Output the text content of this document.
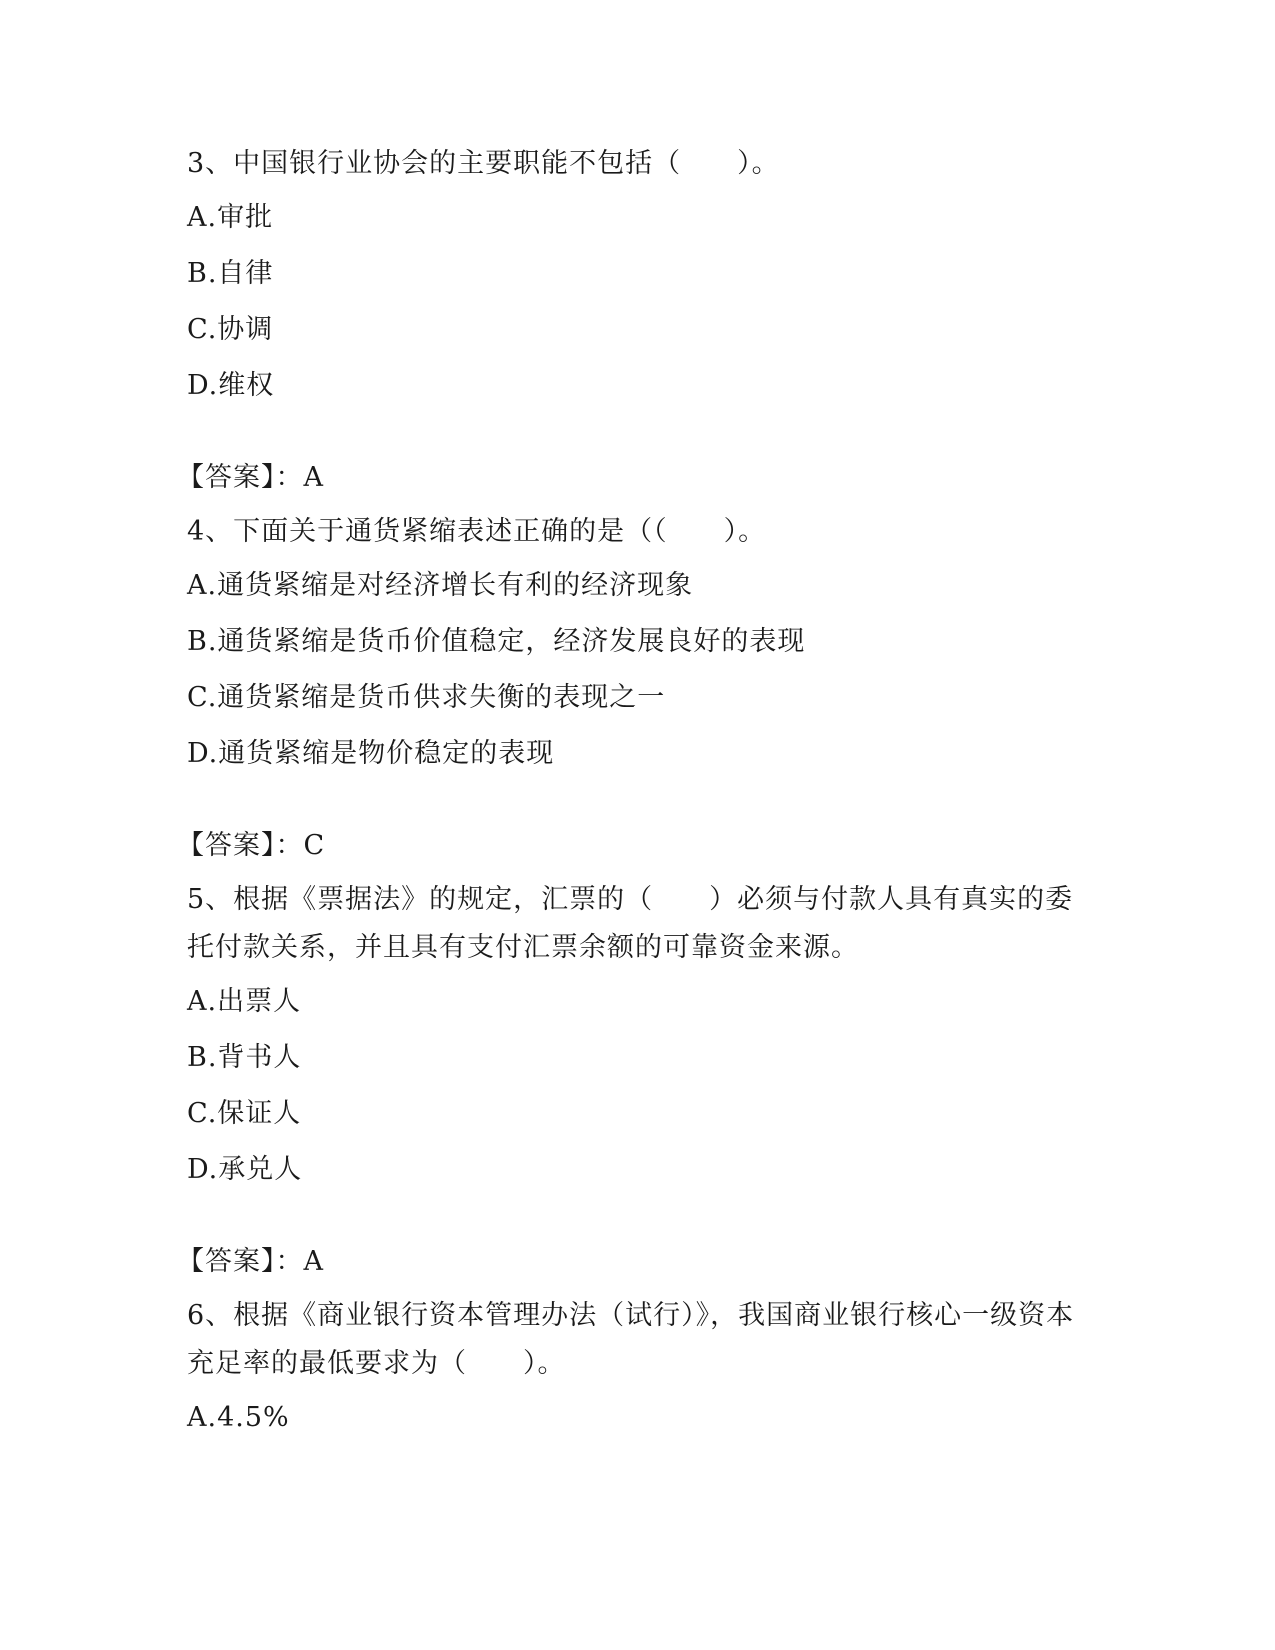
3、中国银行业协会的主要职能不包括（　　）。

A.审批

B.自律

C.协调

D.维权

【答案】：A

4、下面关于通货紧缩表述正确的是（（　　）。

A.通货紧缩是对经济增长有利的经济现象

B.通货紧缩是货币价值稳定，经济发展良好的表现

C.通货紧缩是货币供求失衡的表现之一

D.通货紧缩是物价稳定的表现

【答案】：C

5、根据《票据法》的规定，汇票的（　　）必须与付款人具有真实的委托付款关系，并且具有支付汇票余额的可靠资金来源。

A.出票人

B.背书人

C.保证人

D.承兑人

【答案】：A

6、根据《商业银行资本管理办法（试行）》，我国商业银行核心一级资本充足率的最低要求为（　　）。

A.4.5%
